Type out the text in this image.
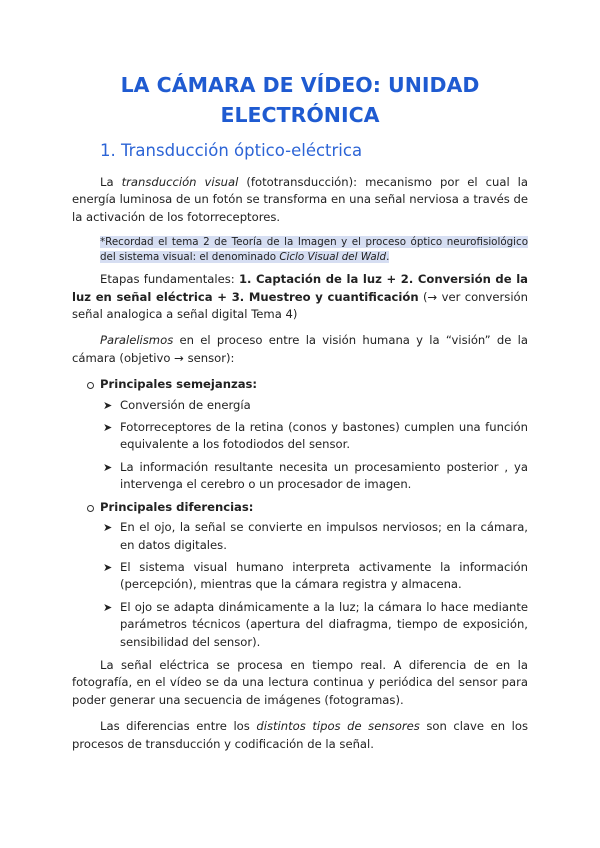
LA CÁMARA DE VÍDEO: UNIDAD
ELECTRÓNICA
1. Transducción óptico-eléctrica

La transducción visual (fototransducción): mecanismo por el cual la energía luminosa de un fotón se transforma en una señal nerviosa a través de la activación de los fotorreceptores.

*Recordad el tema 2 de Teoría de la Imagen y el proceso óptico neurofisiológico del sistema visual: el denominado Ciclo Visual del Wald.

Etapas fundamentales: 1. Captación de la luz + 2. Conversión de la luz en señal eléctrica + 3. Muestreo y cuantificación (→ ver conversión señal analogica a señal digital Tema 4)

Paralelismos en el proceso entre la visión humana y la “visión” de la cámara (objetivo → sensor):

Principales semejanzas:
➤ Conversión de energía
➤ Fotorreceptores de la retina (conos y bastones) cumplen una función equivalente a los fotodiodos del sensor.
➤ La información resultante necesita un procesamiento posterior , ya intervenga el cerebro o un procesador de imagen.
Principales diferencias:
➤ En el ojo, la señal se convierte en impulsos nerviosos; en la cámara, en datos digitales.
➤ El sistema visual humano interpreta activamente la información (percepción), mientras que la cámara registra y almacena.
➤ El ojo se adapta dinámicamente a la luz; la cámara lo hace mediante parámetros técnicos (apertura del diafragma, tiempo de exposición, sensibilidad del sensor).

La señal eléctrica se procesa en tiempo real. A diferencia de en la fotografía, en el vídeo se da una lectura continua y periódica del sensor para poder generar una secuencia de imágenes (fotogramas).

Las diferencias entre los distintos tipos de sensores son clave en los procesos de transducción y codificación de la señal.
